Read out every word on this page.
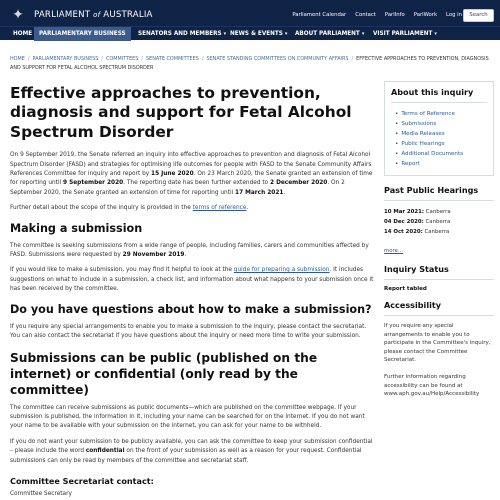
✦	PARLIAMENT of AUSTRALIA	Parliament Calendar Contact ParlInfo ParlWork Log in	Search
HOME	PARLIAMENTARY BUSINESS	SENATORS AND MEMBERS ▾ NEWS & EVENTS ▾	ABOUT PARLIAMENT ▾	VISIT PARLIAMENT ▾
HOME / PARLIAMENTARY BUSINESS / COMMITTEES / SENATE COMMITTEES / SENATE STANDING COMMITTEES ON COMMUNITY AFFAIRS / EFFECTIVE APPROACHES TO PREVENTION, DIAGNOSIS AND SUPPORT FOR FETAL ALCOHOL SPECTRUM DISORDER
Effective approaches to prevention, diagnosis and support for Fetal Alcohol Spectrum Disorder

On 9 September 2019, the Senate referred an inquiry into effective approaches to prevention and diagnosis of Fetal Alcohol Spectrum Disorder (FASD) and strategies for optimising life outcomes for people with FASD to the Senate Community Affairs References Committee for inquiry and report by 15 June 2020. On 23 March 2020, the Senate granted an extension of time for reporting until 9 September 2020. The reporting date has been further extended to 2 December 2020. On 2 September 2020, the Senate granted an extension of time for reporting until 17 March 2021.

Further detail about the scope of the inquiry is provided in the terms of reference.

Making a submission

The committee is seeking submissions from a wide range of people, including families, carers and communities affected by FASD. Submissions were requested by 29 November 2019.

If you would like to make a submission, you may find it helpful to look at the guide for preparing a submission. It includes suggestions on what to include in a submission, a check list, and information about what happens to your submission once it has been received by the committee.

Do you have questions about how to make a submission?

If you require any special arrangements to enable you to make a submission to the inquiry, please contact the secretariat. You can also contact the secretariat if you have questions about the inquiry or need more time to write your submission.

Submissions can be public (published on the internet) or confidential (only read by the committee)

The committee can receive submissions as public documents—which are published on the committee webpage. If your submission is published, the information in it, including your name can be searched for on the internet. If you do not want your name to be available with your submission on the internet, you can ask for your name to be withheld.

If you do not want your submission to be publicly available, you can ask the committee to keep your submission confidential – please include the word confidential on the front of your submission as well as a reason for your request. Confidential submissions can only be read by members of the committee and secretariat staff.

Committee Secretariat contact:

Committee Secretary

About this inquiry
• Terms of Reference
• Submissions
• Media Releases
• Public Hearings
• Additional Documents
• Report
Past Public Hearings
10 Mar 2021: Canberra
04 Dec 2020: Canberra
14 Oct 2020: Canberra
more...
Inquiry Status
Report tabled
Accessibility
If you require any special arrangements to enable you to participate in the Committee's inquiry, please contact the Committee Secretariat.
Further information regarding accessibility can be found at www.aph.gov.au/Help/Accessibility
